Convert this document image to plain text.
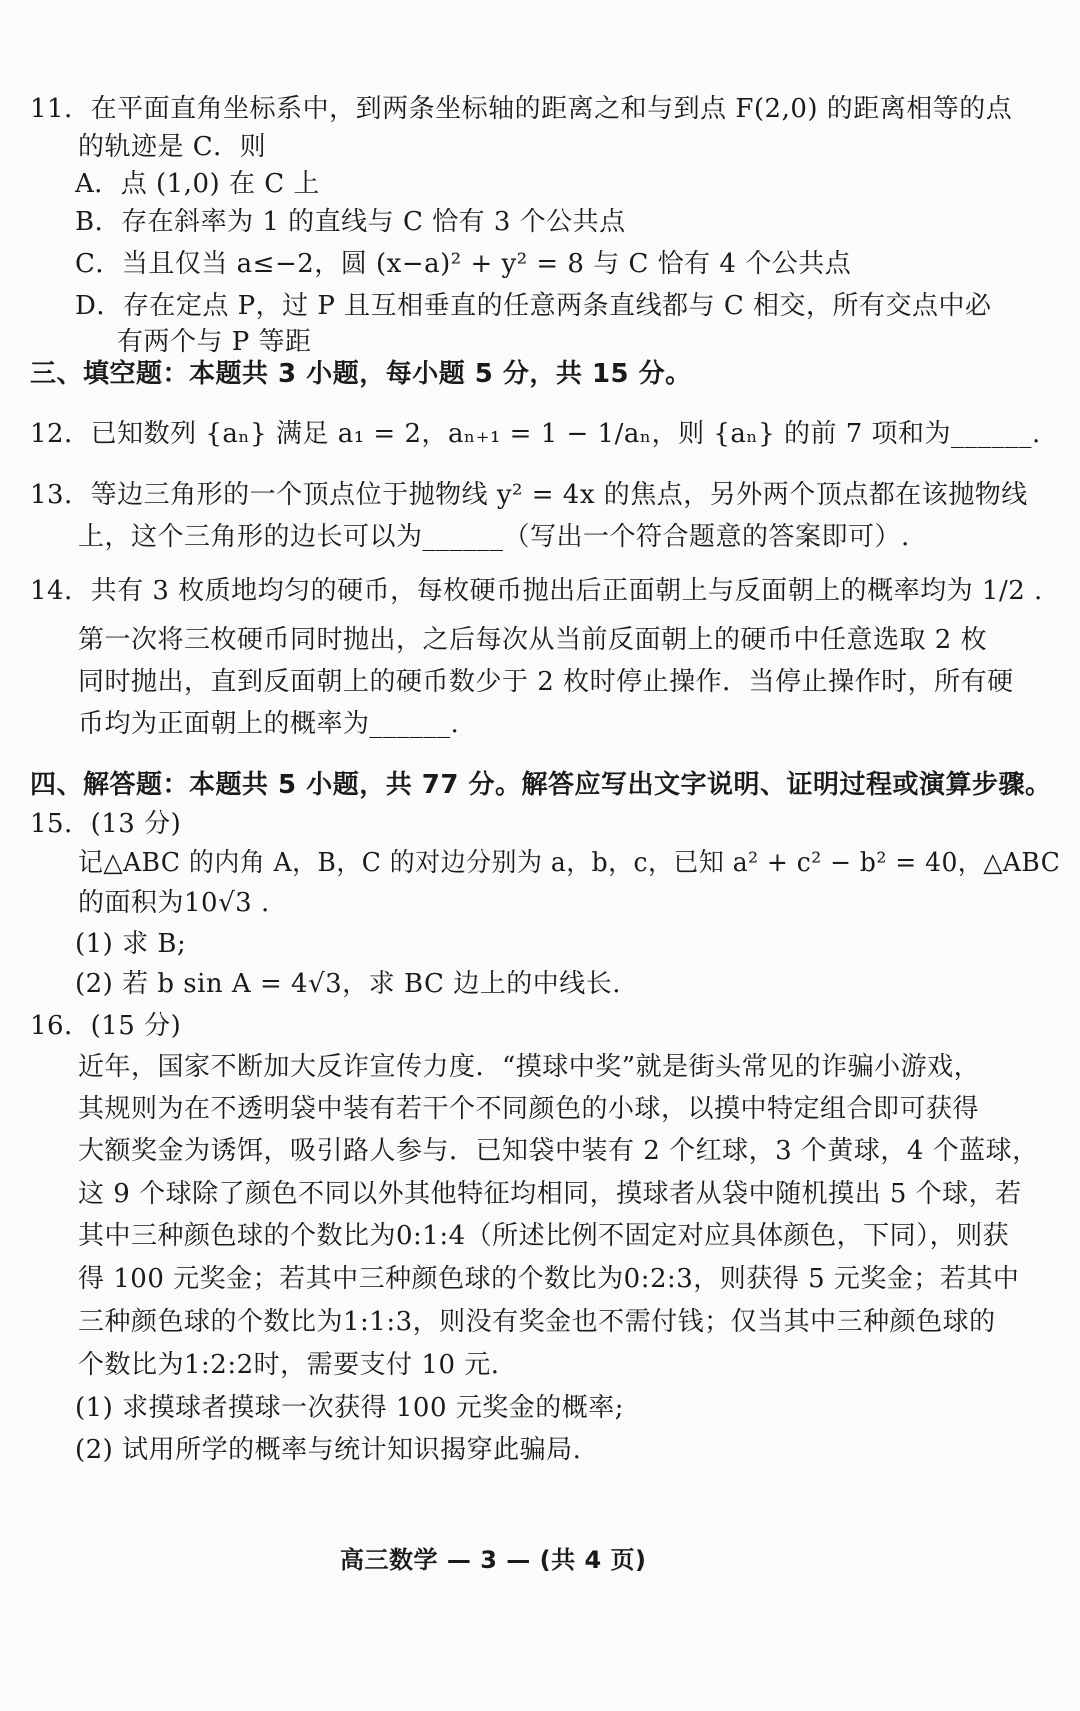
11．在平面直角坐标系中，到两条坐标轴的距离之和与到点 F(2,0) 的距离相等的点
的轨迹是 C．则
A．点 (1,0) 在 C 上
B．存在斜率为 1 的直线与 C 恰有 3 个公共点
C．当且仅当 a≤−2，圆 (x−a)² + y² = 8 与 C 恰有 4 个公共点
D．存在定点 P，过 P 且互相垂直的任意两条直线都与 C 相交，所有交点中必
有两个与 P 等距
三、填空题：本题共 3 小题，每小题 5 分，共 15 分。
12．已知数列 {aₙ} 满足 a₁ = 2，aₙ₊₁ = 1 − 1/aₙ，则 {aₙ} 的前 7 项和为______.
13．等边三角形的一个顶点位于抛物线 y² = 4x 的焦点，另外两个顶点都在该抛物线
上，这个三角形的边长可以为______（写出一个符合题意的答案即可）.
14．共有 3 枚质地均匀的硬币，每枚硬币抛出后正面朝上与反面朝上的概率均为 1/2 .
第一次将三枚硬币同时抛出，之后每次从当前反面朝上的硬币中任意选取 2 枚
同时抛出，直到反面朝上的硬币数少于 2 枚时停止操作．当停止操作时，所有硬
币均为正面朝上的概率为______.
四、解答题：本题共 5 小题，共 77 分。解答应写出文字说明、证明过程或演算步骤。
15．(13 分)
记△ABC 的内角 A，B，C 的对边分别为 a，b，c，已知 a² + c² − b² = 40，△ABC
的面积为10√3 .
(1) 求 B;
(2) 若 b sin A = 4√3，求 BC 边上的中线长.
16．(15 分)
近年，国家不断加大反诈宣传力度．“摸球中奖”就是街头常见的诈骗小游戏，
其规则为在不透明袋中装有若干个不同颜色的小球，以摸中特定组合即可获得
大额奖金为诱饵，吸引路人参与．已知袋中装有 2 个红球，3 个黄球，4 个蓝球，
这 9 个球除了颜色不同以外其他特征均相同，摸球者从袋中随机摸出 5 个球，若
其中三种颜色球的个数比为0:1:4（所述比例不固定对应具体颜色，下同），则获
得 100 元奖金；若其中三种颜色球的个数比为0:2:3，则获得 5 元奖金；若其中
三种颜色球的个数比为1:1:3，则没有奖金也不需付钱；仅当其中三种颜色球的
个数比为1:2:2时，需要支付 10 元.
(1) 求摸球者摸球一次获得 100 元奖金的概率;
(2) 试用所学的概率与统计知识揭穿此骗局.
高三数学 — 3 — (共 4 页)
